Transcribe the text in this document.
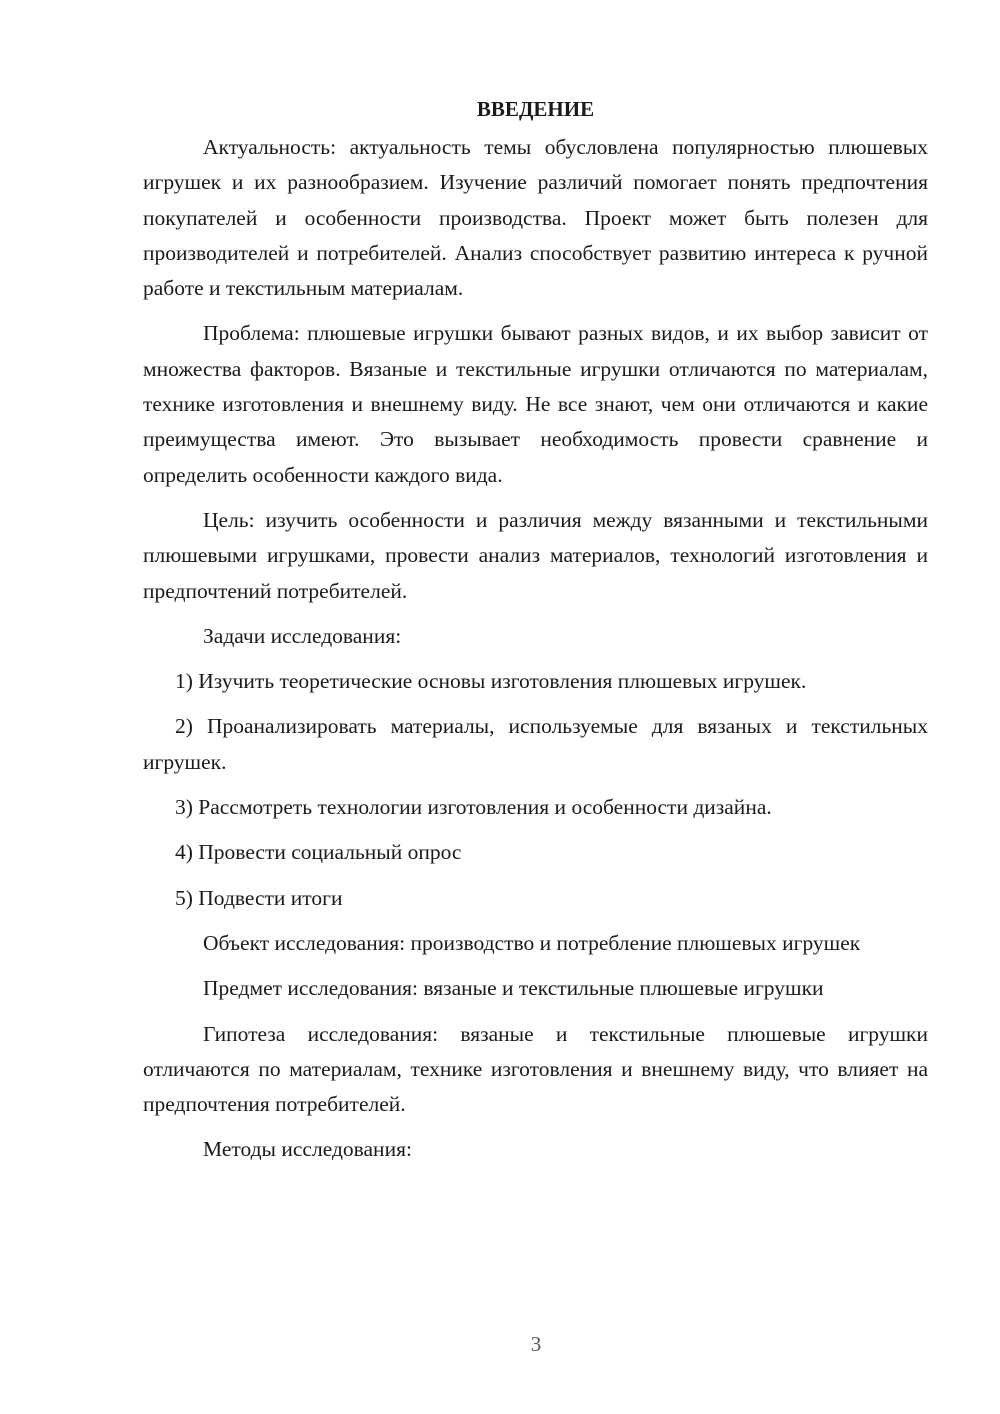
ВВЕДЕНИЕ

Актуальность: актуальность темы обусловлена популярностью плюшевых игрушек и их разнообразием. Изучение различий помогает понять предпочтения покупателей и особенности производства. Проект может быть полезен для производителей и потребителей. Анализ способствует развитию интереса к ручной работе и текстильным материалам.

Проблема: плюшевые игрушки бывают разных видов, и их выбор зависит от множества факторов. Вязаные и текстильные игрушки отличаются по материалам, технике изготовления и внешнему виду. Не все знают, чем они отличаются и какие преимущества имеют. Это вызывает необходимость провести сравнение и определить особенности каждого вида.

Цель: изучить особенности и различия между вязанными и текстильными плюшевыми игрушками, провести анализ материалов, технологий изготовления и предпочтений потребителей.

Задачи исследования:

1) Изучить теоретические основы изготовления плюшевых игрушек.

2) Проанализировать материалы, используемые для вязаных и текстильных игрушек.

3) Рассмотреть технологии изготовления и особенности дизайна.

4) Провести социальный опрос

5) Подвести итоги

Объект исследования: производство и потребление плюшевых игрушек

Предмет исследования: вязаные и текстильные плюшевые игрушки

Гипотеза исследования: вязаные и текстильные плюшевые игрушки отличаются по материалам, технике изготовления и внешнему виду, что влияет на предпочтения потребителей.

Методы исследования:

3
